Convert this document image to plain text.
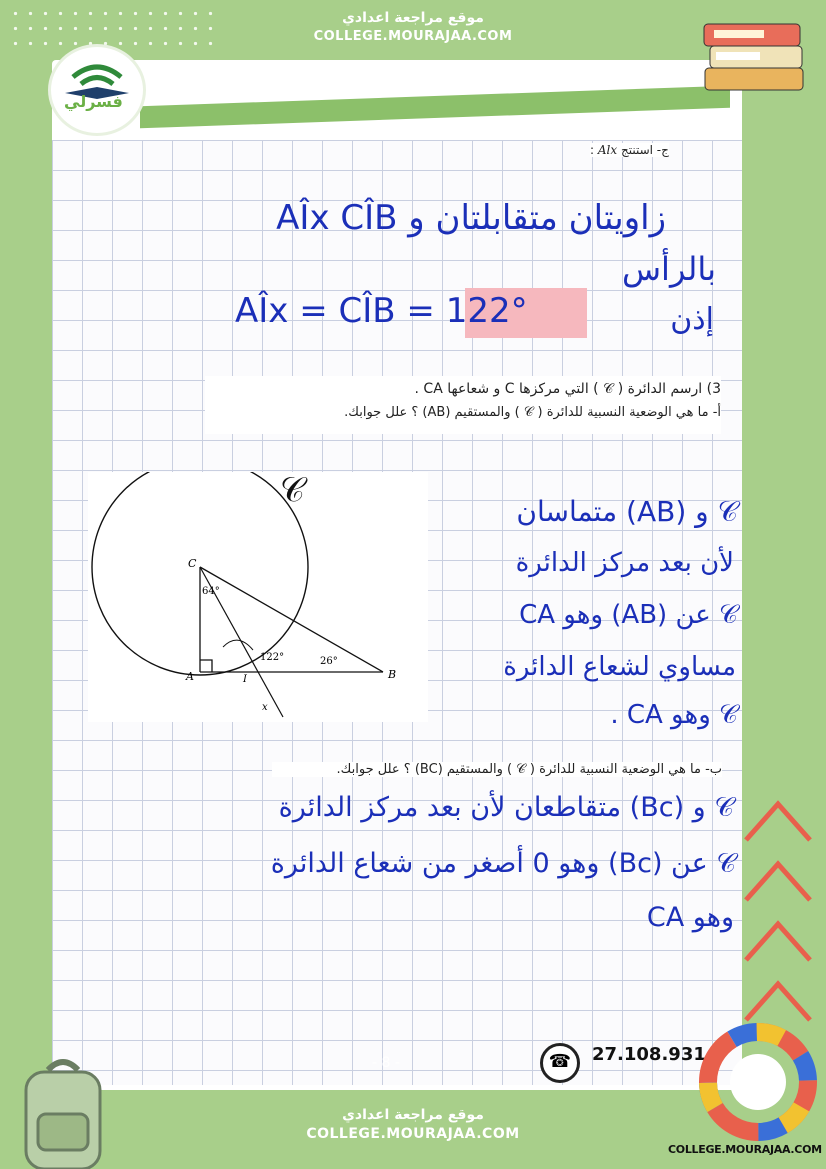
موقع مراجعة اعدادي
COLLEGE.MOURAJAA.COM
فسرلي
ج- استنتج Alx :
زاويتان متقابلتان و AÎx CÎB
بالرأس
AÎx = CÎB = 122°	إذن
3) ارسم الدائرة ( 𝒞 ) التي مركزها C و شعاعها CA .
أ- ما هي الوضعية النسبية للدائرة ( 𝒞 ) والمستقيم (AB) ؟ علل جوابك.
C
A	B
I
x
64°
122°	26°
𝒞
𝒞 و (AB) متماسان
لأن بعد مركز الدائرة
𝒞 عن (AB) وهو CA
مساوي لشعاع الدائرة
𝒞 وهو CA .
ب- ما هي الوضعية النسبية للدائرة ( 𝒞 ) والمستقيم (BC) ؟ علل جوابك.
𝒞 و (Bc) متقاطعان لأن بعد مركز الدائرة
𝒞 عن (Bc) وهو 0 أصغر من شعاع الدائرة
وهو CA
- 8 -	☎	27.108.931
موقع مراجعة اعدادي
COLLEGE.MOURAJAA.COM
COLLEGE.MOURAJAA.COM
